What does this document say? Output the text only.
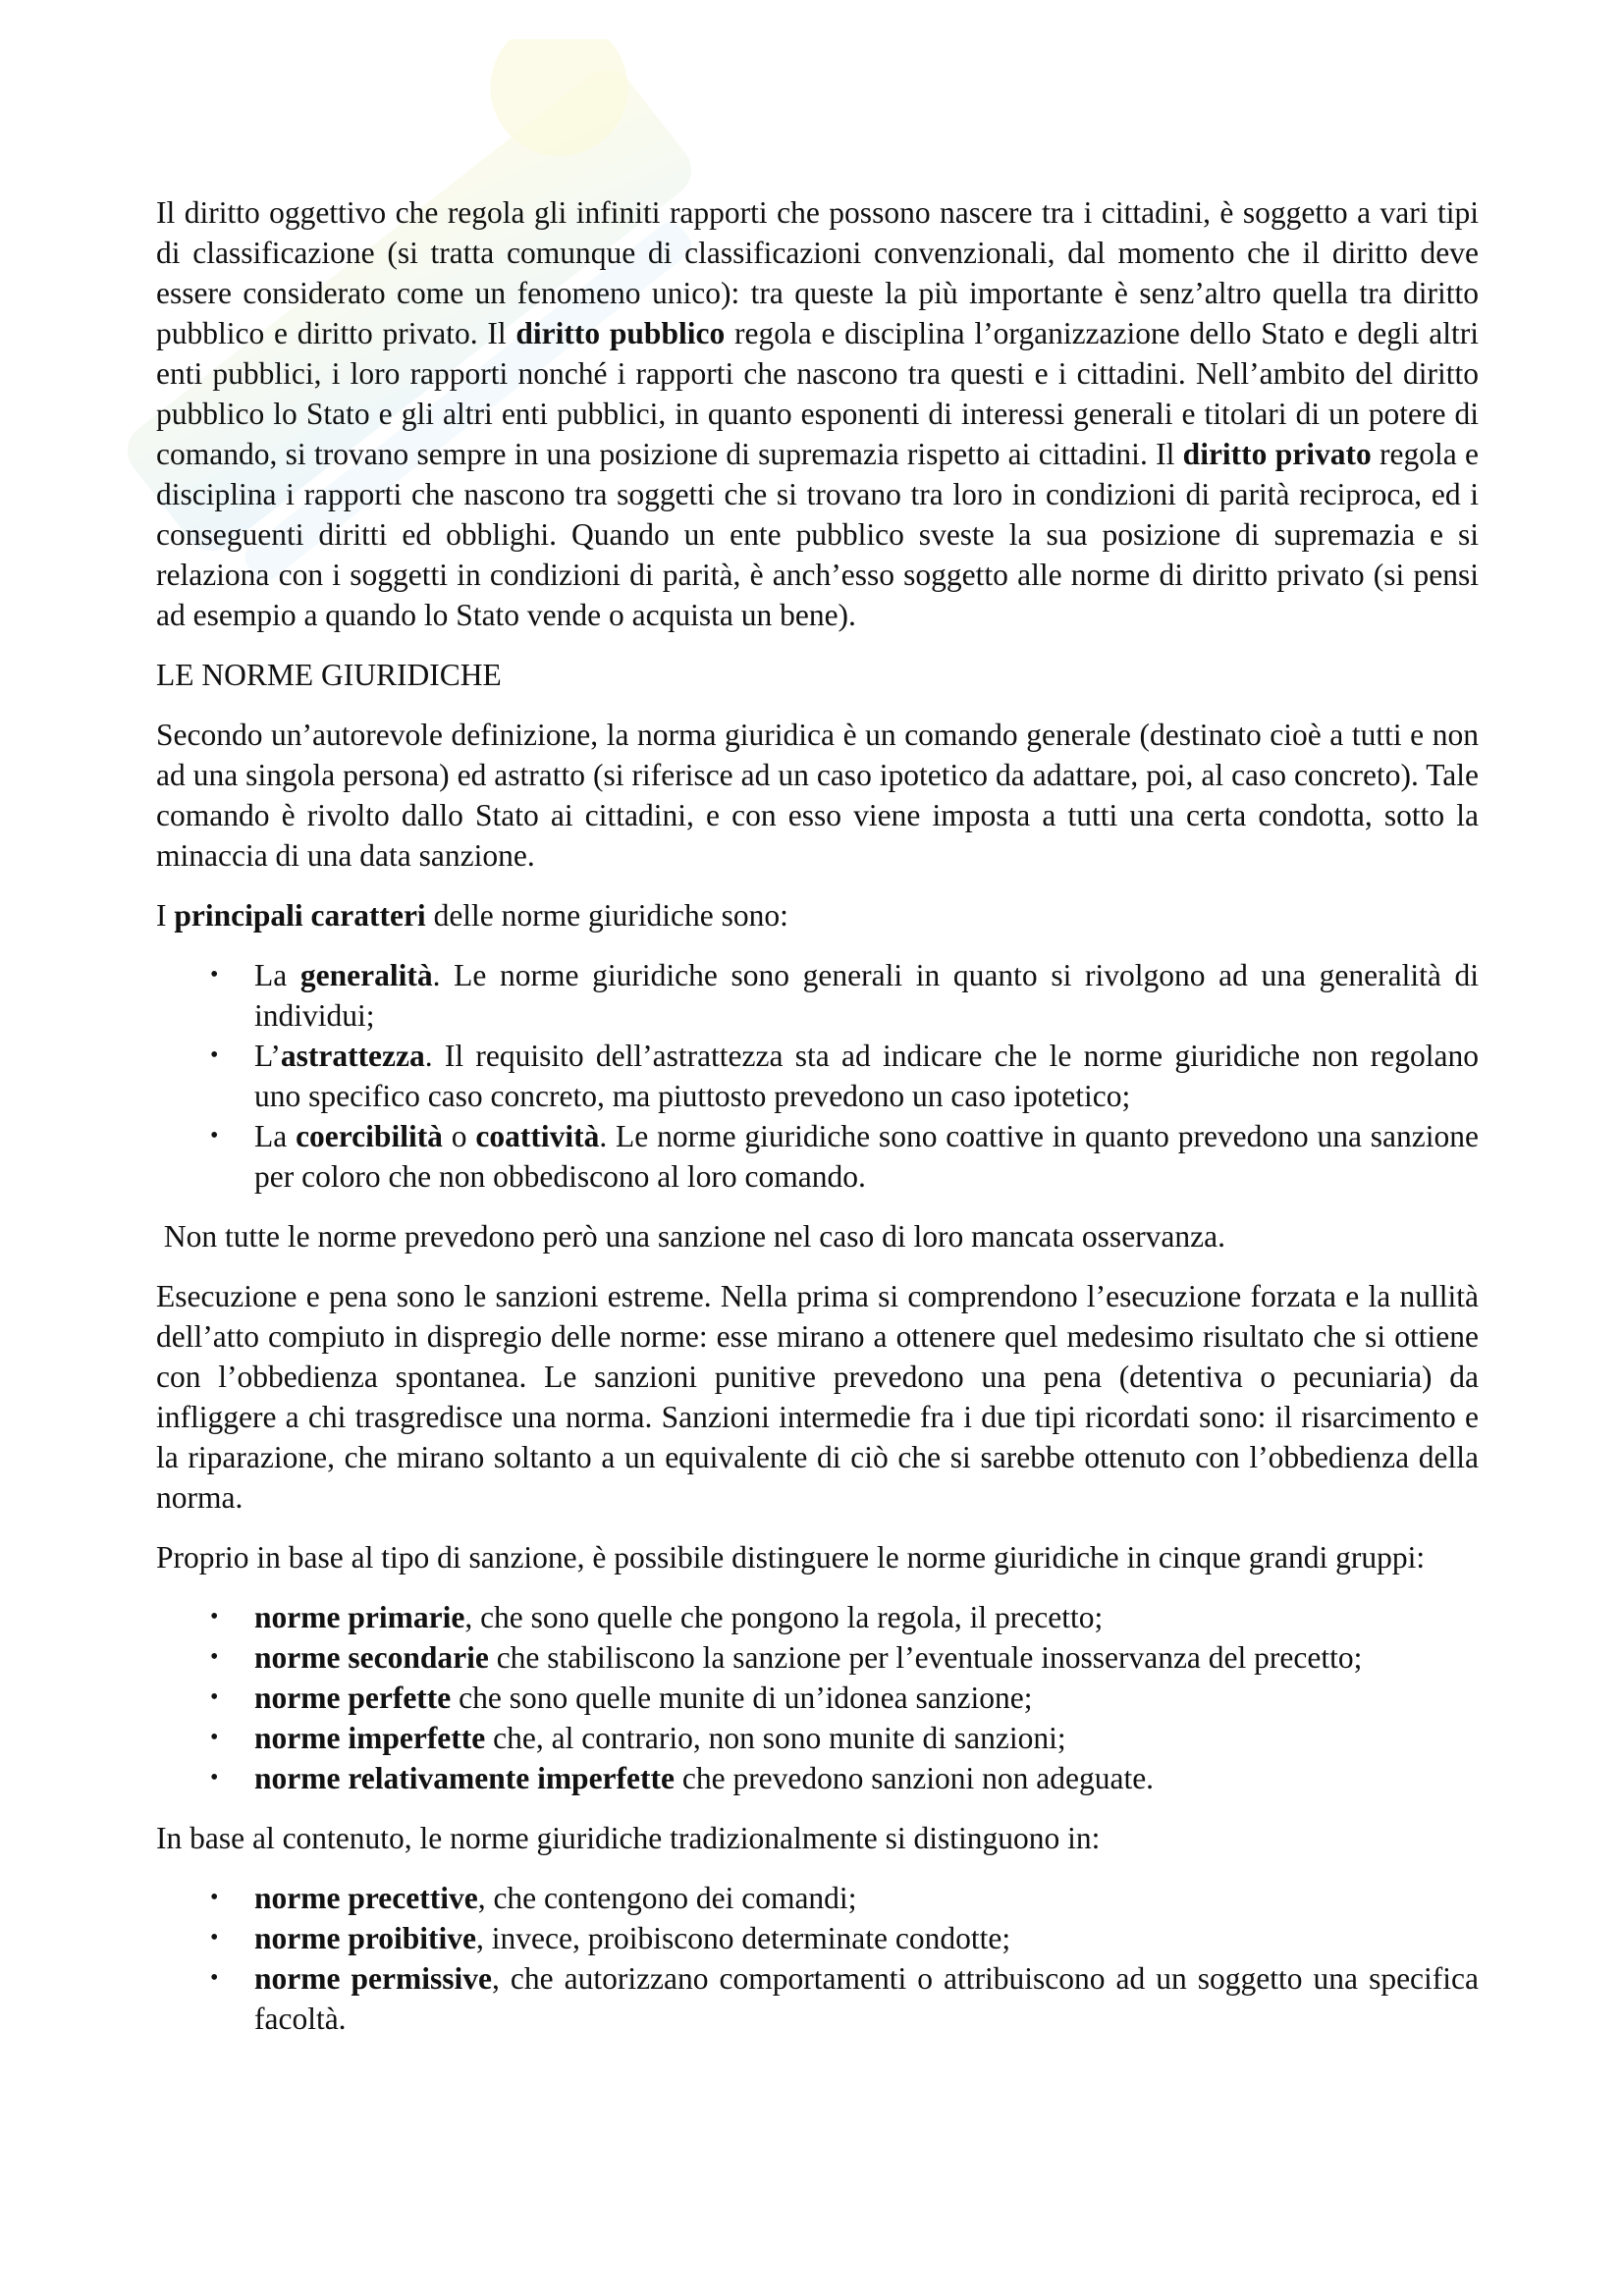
Il diritto oggettivo che regola gli infiniti rapporti che possono nascere tra i cittadini, è soggetto a vari tipi di classificazione (si tratta comunque di classificazioni convenzionali, dal momento che il diritto deve essere considerato come un fenomeno unico): tra queste la più importante è senz’altro quella tra diritto pubblico e diritto privato. Il diritto pubblico regola e disciplina l’organizzazione dello Stato e degli altri enti pubblici, i loro rapporti nonché i rapporti che nascono tra questi e i cittadini. Nell’ambito del diritto pubblico lo Stato e gli altri enti pubblici, in quanto esponenti di interessi generali e titolari di un potere di comando, si trovano sempre in una posizione di supremazia rispetto ai cittadini. Il diritto privato regola e disciplina i rapporti che nascono tra soggetti che si trovano tra loro in condizioni di parità reciproca, ed i conseguenti diritti ed obblighi. Quando un ente pubblico sveste la sua posizione di supremazia e si relaziona con i soggetti in condizioni di parità, è anch’esso soggetto alle norme di diritto privato (si pensi ad esempio a quando lo Stato vende o acquista un bene).

LE NORME GIURIDICHE

Secondo un’autorevole definizione, la norma giuridica è un comando generale (destinato cioè a tutti e non ad una singola persona) ed astratto (si riferisce ad un caso ipotetico da adattare, poi, al caso concreto). Tale comando è rivolto dallo Stato ai cittadini, e con esso viene imposta a tutti una certa condotta, sotto la minaccia di una data sanzione.

I principali caratteri delle norme giuridiche sono:

• La generalità. Le norme giuridiche sono generali in quanto si rivolgono ad una generalità di individui;
• L’astrattezza. Il requisito dell’astrattezza sta ad indicare che le norme giuridiche non regolano uno specifico caso concreto, ma piuttosto prevedono un caso ipotetico;
• La coercibilità o coattività. Le norme giuridiche sono coattive in quanto prevedono una sanzione per coloro che non obbediscono al loro comando.

Non tutte le norme prevedono però una sanzione nel caso di loro mancata osservanza.

Esecuzione e pena sono le sanzioni estreme. Nella prima si comprendono l’esecuzione forzata e la nullità dell’atto compiuto in dispregio delle norme: esse mirano a ottenere quel medesimo risultato che si ottiene con l’obbedienza spontanea. Le sanzioni punitive prevedono una pena (detentiva o pecuniaria) da infliggere a chi trasgredisce una norma. Sanzioni intermedie fra i due tipi ricordati sono: il risarcimento e la riparazione, che mirano soltanto a un equivalente di ciò che si sarebbe ottenuto con l’obbedienza della norma.

Proprio in base al tipo di sanzione, è possibile distinguere le norme giuridiche in cinque grandi gruppi:

• norme primarie, che sono quelle che pongono la regola, il precetto;
• norme secondarie che stabiliscono la sanzione per l’eventuale inosservanza del precetto;
• norme perfette che sono quelle munite di un’idonea sanzione;
• norme imperfette che, al contrario, non sono munite di sanzioni;
• norme relativamente imperfette che prevedono sanzioni non adeguate.

In base al contenuto, le norme giuridiche tradizionalmente si distinguono in:

• norme precettive, che contengono dei comandi;
• norme proibitive, invece, proibiscono determinate condotte;
• norme permissive, che autorizzano comportamenti o attribuiscono ad un soggetto una specifica facoltà.
